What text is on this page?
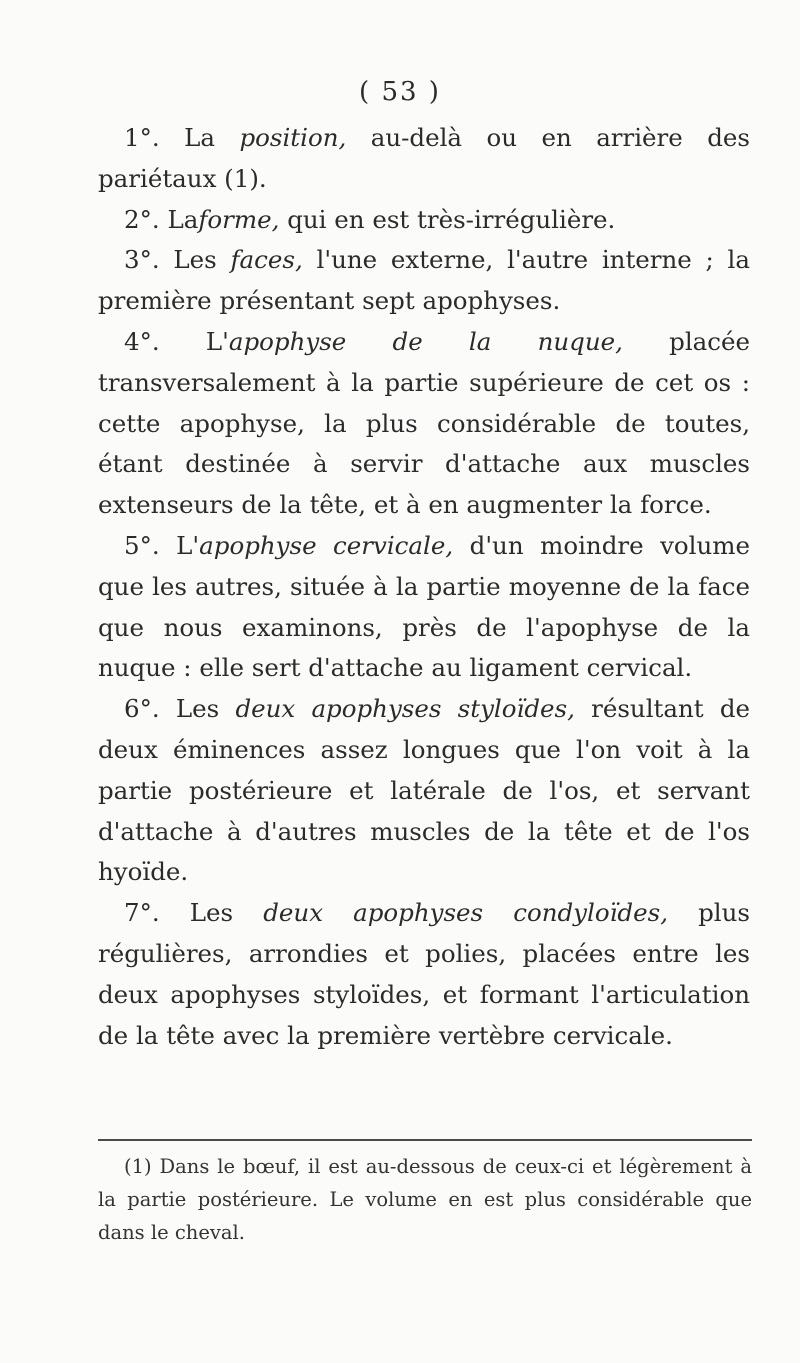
( 53 )

1°. La position, au-delà ou en arrière des pariétaux (1).

2°. Laforme, qui en est très-irrégulière.

3°. Les faces, l'une externe, l'autre interne ; la première présentant sept apophyses.

4°. L'apophyse de la nuque, placée transversalement à la partie supérieure de cet os : cette apophyse, la plus considérable de toutes, étant destinée à servir d'attache aux muscles extenseurs de la tête, et à en augmenter la force.

5°. L'apophyse cervicale, d'un moindre volume que les autres, située à la partie moyenne de la face que nous examinons, près de l'apophyse de la nuque : elle sert d'attache au ligament cervical.

6°. Les deux apophyses styloïdes, résultant de deux éminences assez longues que l'on voit à la partie postérieure et latérale de l'os, et servant d'attache à d'autres muscles de la tête et de l'os hyoïde.

7°. Les deux apophyses condyloïdes, plus régulières, arrondies et polies, placées entre les deux apophyses styloïdes, et formant l'articulation de la tête avec la première vertèbre cervicale.

(1) Dans le bœuf, il est au-dessous de ceux-ci et légèrement à la partie postérieure. Le volume en est plus considérable que dans le cheval.
